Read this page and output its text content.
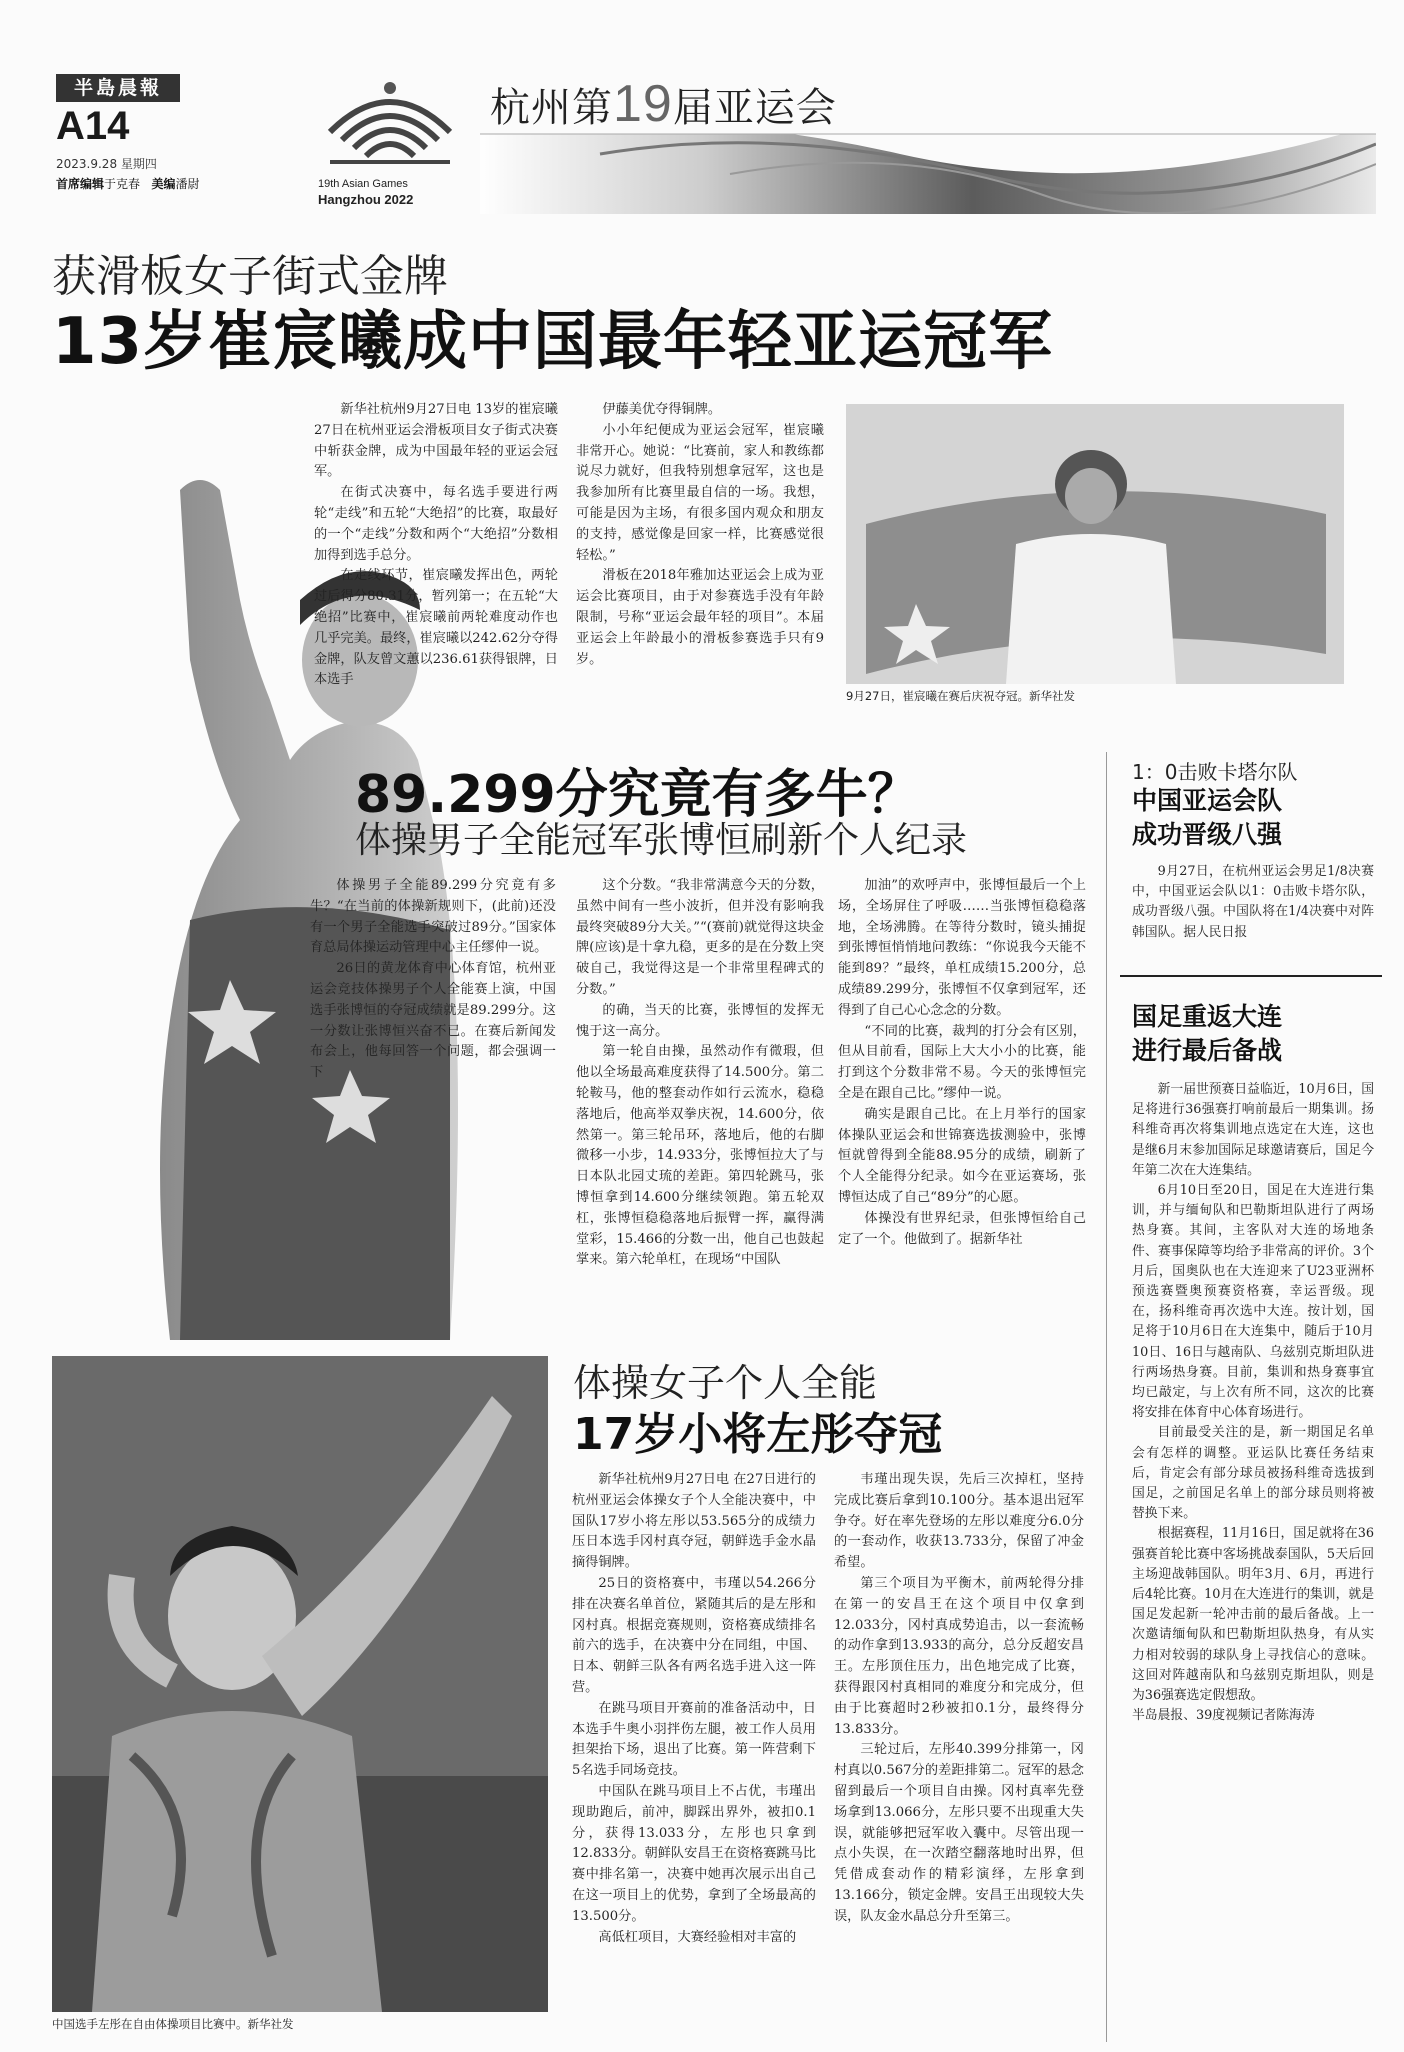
半島晨報
A14
2023.9.28 星期四
首席编辑于克春 美编潘尉	19th Asian Games
Hangzhou 2022
杭州第19届亚运会
获滑板女子街式金牌
13岁崔宸曦成中国最年轻亚运冠军

新华社杭州9月27日电 13岁的崔宸曦27日在杭州亚运会滑板项目女子街式决赛中斩获金牌，成为中国最年轻的亚运会冠军。

在街式决赛中，每名选手要进行两轮“走线”和五轮“大绝招”的比赛，取最好的一个“走线”分数和两个“大绝招”分数相加得到选手总分。

在走线环节，崔宸曦发挥出色，两轮过后得分80.31分，暂列第一；在五轮“大绝招”比赛中，崔宸曦前两轮难度动作也几乎完美。最终，崔宸曦以242.62分夺得金牌，队友曾文蕙以236.61获得银牌，日本选手

伊藤美优夺得铜牌。

小小年纪便成为亚运会冠军，崔宸曦非常开心。她说：“比赛前，家人和教练都说尽力就好，但我特别想拿冠军，这也是我参加所有比赛里最自信的一场。我想，可能是因为主场，有很多国内观众和朋友的支持，感觉像是回家一样，比赛感觉很轻松。”

滑板在2018年雅加达亚运会上成为亚运会比赛项目，由于对参赛选手没有年龄限制，号称“亚运会最年轻的项目”。本届亚运会上年龄最小的滑板参赛选手只有9岁。

9月27日，崔宸曦在赛后庆祝夺冠。新华社发
89.299分究竟有多牛？
体操男子全能冠军张博恒刷新个人纪录

体操男子全能89.299分究竟有多牛？“在当前的体操新规则下，(此前)还没有一个男子全能选手突破过89分。”国家体育总局体操运动管理中心主任缪仲一说。

26日的黄龙体育中心体育馆，杭州亚运会竞技体操男子个人全能赛上演，中国选手张博恒的夺冠成绩就是89.299分。这一分数让张博恒兴奋不已。在赛后新闻发布会上，他每回答一个问题，都会强调一下

这个分数。“我非常满意今天的分数，虽然中间有一些小波折，但并没有影响我最终突破89分大关。”“(赛前)就觉得这块金牌(应该)是十拿九稳，更多的是在分数上突破自己，我觉得这是一个非常里程碑式的分数。”

的确，当天的比赛，张博恒的发挥无愧于这一高分。

第一轮自由操，虽然动作有微瑕，但他以全场最高难度获得了14.500分。第二轮鞍马，他的整套动作如行云流水，稳稳落地后，他高举双拳庆祝，14.600分，依然第一。第三轮吊环，落地后，他的右脚微移一小步，14.933分，张博恒拉大了与日本队北园丈琉的差距。第四轮跳马，张博恒拿到14.600分继续领跑。第五轮双杠，张博恒稳稳落地后振臂一挥，赢得满堂彩，15.466的分数一出，他自己也鼓起掌来。第六轮单杠，在现场“中国队

加油”的欢呼声中，张博恒最后一个上场，全场屏住了呼吸……当张博恒稳稳落地，全场沸腾。在等待分数时，镜头捕捉到张博恒悄悄地问教练：“你说我今天能不能到89？”最终，单杠成绩15.200分，总成绩89.299分，张博恒不仅拿到冠军，还得到了自己心心念念的分数。

“不同的比赛，裁判的打分会有区别，但从目前看，国际上大大小小的比赛，能打到这个分数非常不易。今天的张博恒完全是在跟自己比。”缪仲一说。

确实是跟自己比。在上月举行的国家体操队亚运会和世锦赛选拔测验中，张博恒就曾得到全能88.95分的成绩，刷新了个人全能得分纪录。如今在亚运赛场，张博恒达成了自己“89分”的心愿。

体操没有世界纪录，但张博恒给自己定了一个。他做到了。据新华社

中国选手左彤在自由体操项目比赛中。新华社发
体操女子个人全能
17岁小将左彤夺冠

新华社杭州9月27日电 在27日进行的杭州亚运会体操女子个人全能决赛中，中国队17岁小将左彤以53.565分的成绩力压日本选手冈村真夺冠，朝鲜选手金水晶摘得铜牌。

25日的资格赛中，韦瑾以54.266分排在决赛名单首位，紧随其后的是左彤和冈村真。根据竞赛规则，资格赛成绩排名前六的选手，在决赛中分在同组，中国、日本、朝鲜三队各有两名选手进入这一阵营。

在跳马项目开赛前的准备活动中，日本选手牛奥小羽拌伤左腿，被工作人员用担架抬下场，退出了比赛。第一阵营剩下5名选手同场竞技。

中国队在跳马项目上不占优，韦瑾出现助跑后，前冲，脚踩出界外，被扣0.1分，获得13.033分，左彤也只拿到12.833分。朝鲜队安昌王在资格赛跳马比赛中排名第一，决赛中她再次展示出自己在这一项目上的优势，拿到了全场最高的13.500分。

高低杠项目，大赛经验相对丰富的

韦瑾出现失误，先后三次掉杠，坚持完成比赛后拿到10.100分。基本退出冠军争夺。好在率先登场的左彤以难度分6.0分的一套动作，收获13.733分，保留了冲金希望。

第三个项目为平衡木，前两轮得分排在第一的安昌王在这个项目中仅拿到12.033分，冈村真成势追击，以一套流畅的动作拿到13.933的高分，总分反超安昌王。左彤顶住压力，出色地完成了比赛，获得跟冈村真相同的难度分和完成分，但由于比赛超时2秒被扣0.1分，最终得分13.833分。

三轮过后，左彤40.399分排第一，冈村真以0.567分的差距排第二。冠军的悬念留到最后一个项目自由操。冈村真率先登场拿到13.066分，左彤只要不出现重大失误，就能够把冠军收入囊中。尽管出现一点小失误，在一次踏空翻落地时出界，但凭借成套动作的精彩演绎，左彤拿到13.166分，锁定金牌。安昌王出现较大失误，队友金水晶总分升至第三。

1：0击败卡塔尔队
中国亚运会队
成功晋级八强

9月27日，在杭州亚运会男足1/8决赛中，中国亚运会队以1：0击败卡塔尔队，成功晋级八强。中国队将在1/4决赛中对阵韩国队。据人民日报

国足重返大连
进行最后备战

新一届世预赛日益临近，10月6日，国足将进行36强赛打响前最后一期集训。扬科维奇再次将集训地点选定在大连，这也是继6月末参加国际足球邀请赛后，国足今年第二次在大连集结。

6月10日至20日，国足在大连进行集训，并与缅甸队和巴勒斯坦队进行了两场热身赛。其间，主客队对大连的场地条件、赛事保障等均给予非常高的评价。3个月后，国奥队也在大连迎来了U23亚洲杯预选赛暨奥预赛资格赛，幸运晋级。现在，扬科维奇再次选中大连。按计划，国足将于10月6日在大连集中，随后于10月10日、16日与越南队、乌兹别克斯坦队进行两场热身赛。目前，集训和热身赛事宜均已敲定，与上次有所不同，这次的比赛将安排在体育中心体育场进行。

目前最受关注的是，新一期国足名单会有怎样的调整。亚运队比赛任务结束后，肯定会有部分球员被扬科维奇选拔到国足，之前国足名单上的部分球员则将被替换下来。

根据赛程，11月16日，国足就将在36强赛首轮比赛中客场挑战泰国队，5天后回主场迎战韩国队。明年3月、6月，再进行后4轮比赛。10月在大连进行的集训，就是国足发起新一轮冲击前的最后备战。上一次邀请缅甸队和巴勒斯坦队热身，有从实力相对较弱的球队身上寻找信心的意味。这回对阵越南队和乌兹别克斯坦队，则是为36强赛选定假想敌。

半岛晨报、39度视频记者陈海涛
